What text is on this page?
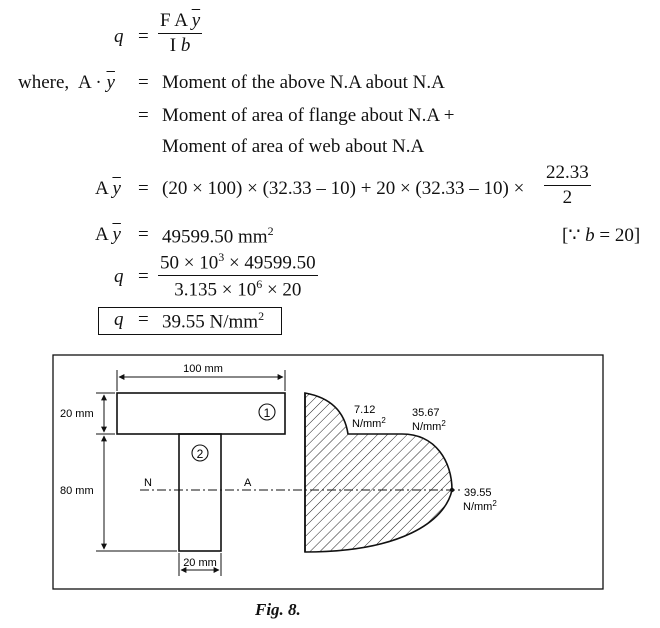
$q = \frac{F A \overline{y}}{\text{I b}}$
where, $A \cdot \overline{y}$ = Moment of the above N.A about N.A
= Moment of area of flange about N.A +
Moment of area of web about N.A
A $\overline{y} = (20 \times 100) \times (32.33 - 10) + 20 \times (32.33 - 10) \times \frac{22.33}{2}$
A $\overline{y} = 49599.50$ $mm^2$	[∵ b = 20]
$q = \frac{50 \times 10^3 \times 49599.50}{3.135 \times 10^6 \times 20}$
q = 39.55 $N/mm^2$
1
2
100 mm
20 mm
80 mm
20 mm
N	A
7.12
$N/mm^2$
35.67
$N/mm^2$
39.55
$N/mm^2$
Fig. 8.
